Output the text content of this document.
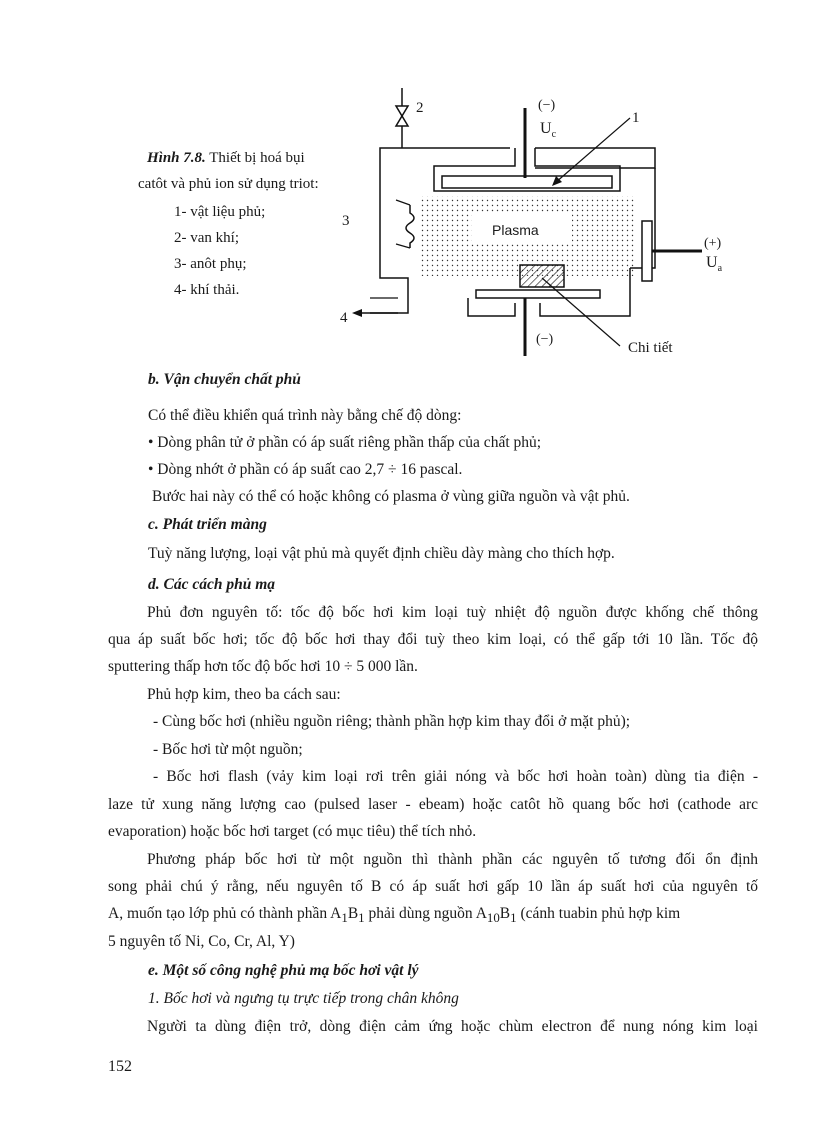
Hình 7.8. Thiết bị hoá bụi
catôt và phủ ion sử dụng triot:
1- vật liệu phủ;
2- van khí;
3- anôt phụ;
4- khí thải.
2	(−)
$U_c$
1
3
Plasma
(+)
$U_a$
4
(−)
Chi tiết
b. Vận chuyển chất phủ
Có thể điều khiển quá trình này bằng chế độ dòng:
• Dòng phân tử ở phần có áp suất riêng phần thấp của chất phủ;
• Dòng nhớt ở phần có áp suất cao 2,7 ÷ 16 pascal.
Bước hai này có thể có hoặc không có plasma ở vùng giữa nguồn và vật phủ.
c. Phát triển màng
Tuỳ năng lượng, loại vật phủ mà quyết định chiều dày màng cho thích hợp.
d. Các cách phủ mạ
Phủ đơn nguyên tố: tốc độ bốc hơi kim loại tuỳ nhiệt độ nguồn được khống chế thông
qua áp suất bốc hơi; tốc độ bốc hơi thay đổi tuỳ theo kim loại, có thể gấp tới 10 lần. Tốc độ
sputtering thấp hơn tốc độ bốc hơi 10 ÷ 5 000 lần.
Phủ hợp kim, theo ba cách sau:
- Cùng bốc hơi (nhiều nguồn riêng; thành phần hợp kim thay đổi ở mặt phủ);
- Bốc hơi từ một nguồn;
- Bốc hơi flash (vảy kim loại rơi trên giải nóng và bốc hơi hoàn toàn) dùng tia điện -
laze tử xung năng lượng cao (pulsed laser - ebeam) hoặc catôt hồ quang bốc hơi (cathode arc
evaporation) hoặc bốc hơi target (có mục tiêu) thể tích nhỏ.
Phương pháp bốc hơi từ một nguồn thì thành phần các nguyên tố tương đối ổn định
song phải chú ý rằng, nếu nguyên tố B có áp suất hơi gấp 10 lần áp suất hơi của nguyên tố
A, muốn tạo lớp phủ có thành phần $A_1B_1$ phải dùng nguồn $A_{10}B_1$ (cánh tuabin phủ hợp kim
5 nguyên tố Ni, Co, Cr, Al, Y)
e. Một số công nghệ phủ mạ bốc hơi vật lý
1. Bốc hơi và ngưng tụ trực tiếp trong chân không
Người ta dùng điện trở, dòng điện cảm ứng hoặc chùm electron để nung nóng kim loại
152
